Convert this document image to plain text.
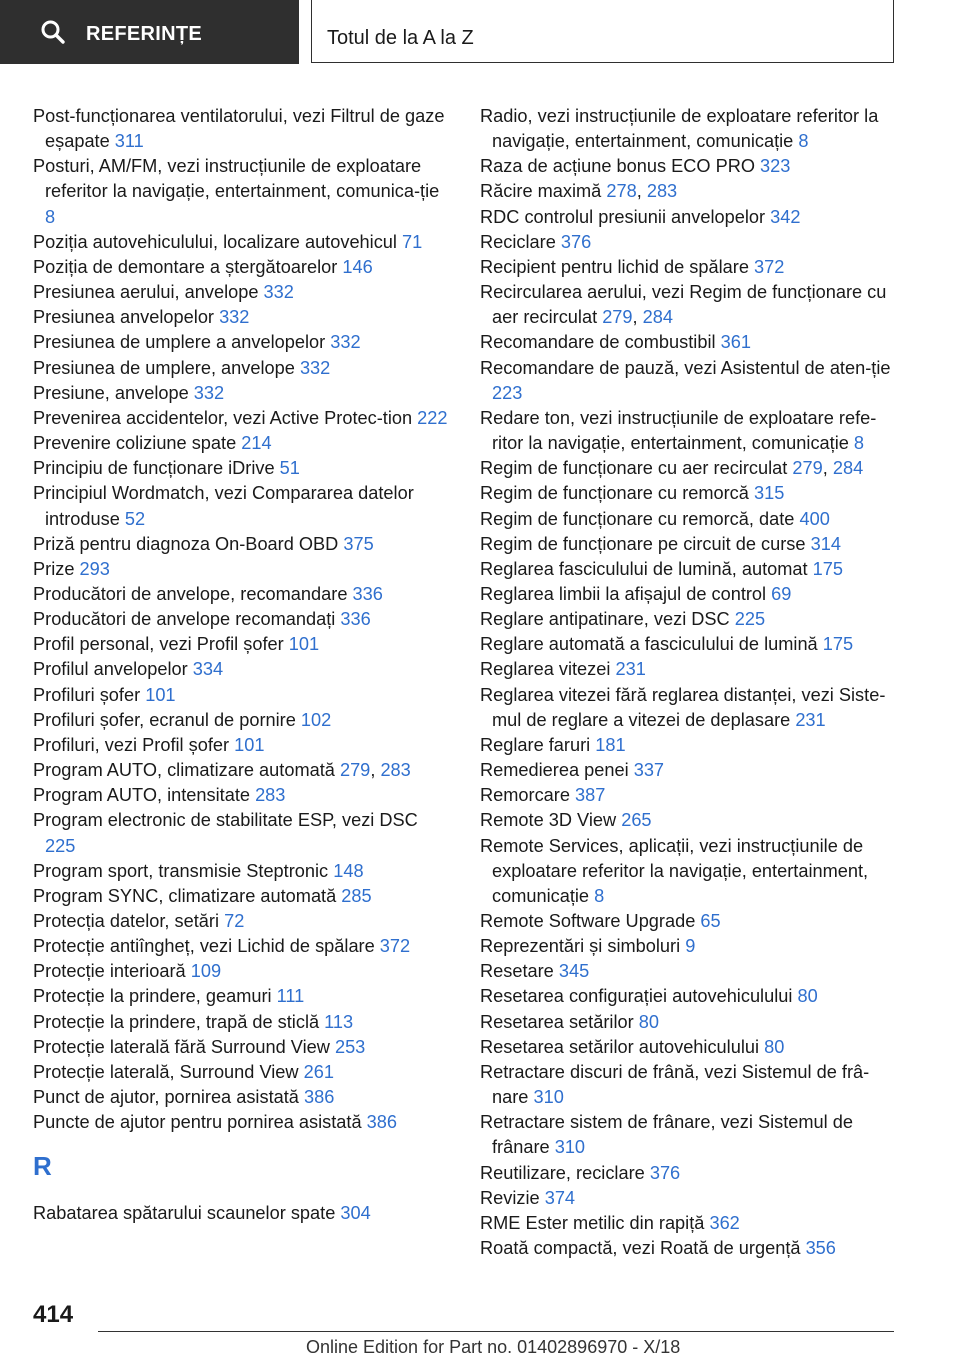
REFERINȚE	Totul de la A la Z
Post-funcționarea ventilatorului, vezi Filtrul de gaze eșapate 311
Posturi, AM/FM, vezi instrucțiunile de exploatare referitor la navigație, entertainment, comunica-ție 8
Poziția autovehiculului, localizare autovehicul 71
Poziția de demontare a ștergătoarelor 146
Presiunea aerului, anvelope 332
Presiunea anvelopelor 332
Presiunea de umplere a anvelopelor 332
Presiunea de umplere, anvelope 332
Presiune, anvelope 332
Prevenirea accidentelor, vezi Active Protec-tion 222
Prevenire coliziune spate 214
Principiu de funcționare iDrive 51
Principiul Wordmatch, vezi Compararea datelor introduse 52
Priză pentru diagnoza On-Board OBD 375
Prize 293
Producători de anvelope, recomandare 336
Producători de anvelope recomandați 336
Profil personal, vezi Profil șofer 101
Profilul anvelopelor 334
Profiluri șofer 101
Profiluri șofer, ecranul de pornire 102
Profiluri, vezi Profil șofer 101
Program AUTO, climatizare automată 279, 283
Program AUTO, intensitate 283
Program electronic de stabilitate ESP, vezi DSC 225
Program sport, transmisie Steptronic 148
Program SYNC, climatizare automată 285
Protecția datelor, setări 72
Protecție antiîngheț, vezi Lichid de spălare 372
Protecție interioară 109
Protecție la prindere, geamuri 111
Protecție la prindere, trapă de sticlă 113
Protecție laterală fără Surround View 253
Protecție laterală, Surround View 261
Punct de ajutor, pornirea asistată 386
Puncte de ajutor pentru pornirea asistată 386
R
Rabatarea spătarului scaunelor spate 304
Radio, vezi instrucțiunile de exploatare referitor la navigație, entertainment, comunicație 8
Raza de acțiune bonus ECO PRO 323
Răcire maximă 278, 283
RDC controlul presiunii anvelopelor 342
Reciclare 376
Recipient pentru lichid de spălare 372
Recircularea aerului, vezi Regim de funcționare cu aer recirculat 279, 284
Recomandare de combustibil 361
Recomandare de pauză, vezi Asistentul de aten-ție 223
Redare ton, vezi instrucțiunile de exploatare refe-ritor la navigație, entertainment, comunicație 8
Regim de funcționare cu aer recirculat 279, 284
Regim de funcționare cu remorcă 315
Regim de funcționare cu remorcă, date 400
Regim de funcționare pe circuit de curse 314
Reglarea fasciculului de lumină, automat 175
Reglarea limbii la afișajul de control 69
Reglare antipatinare, vezi DSC 225
Reglare automată a fasciculului de lumină 175
Reglarea vitezei 231
Reglarea vitezei fără reglarea distanței, vezi Siste-mul de reglare a vitezei de deplasare 231
Reglare faruri 181
Remedierea penei 337
Remorcare 387
Remote 3D View 265
Remote Services, aplicații, vezi instrucțiunile de exploatare referitor la navigație, entertainment, comunicație 8
Remote Software Upgrade 65
Reprezentări și simboluri 9
Resetare 345
Resetarea configurației autovehiculului 80
Resetarea setărilor 80
Resetarea setărilor autovehiculului 80
Retractare discuri de frână, vezi Sistemul de frâ-nare 310
Retractare sistem de frânare, vezi Sistemul de frânare 310
Reutilizare, reciclare 376
Revizie 374
RME Ester metilic din rapiță 362
Roată compactă, vezi Roată de urgență 356
414
Online Edition for Part no. 01402896970 - X/18
